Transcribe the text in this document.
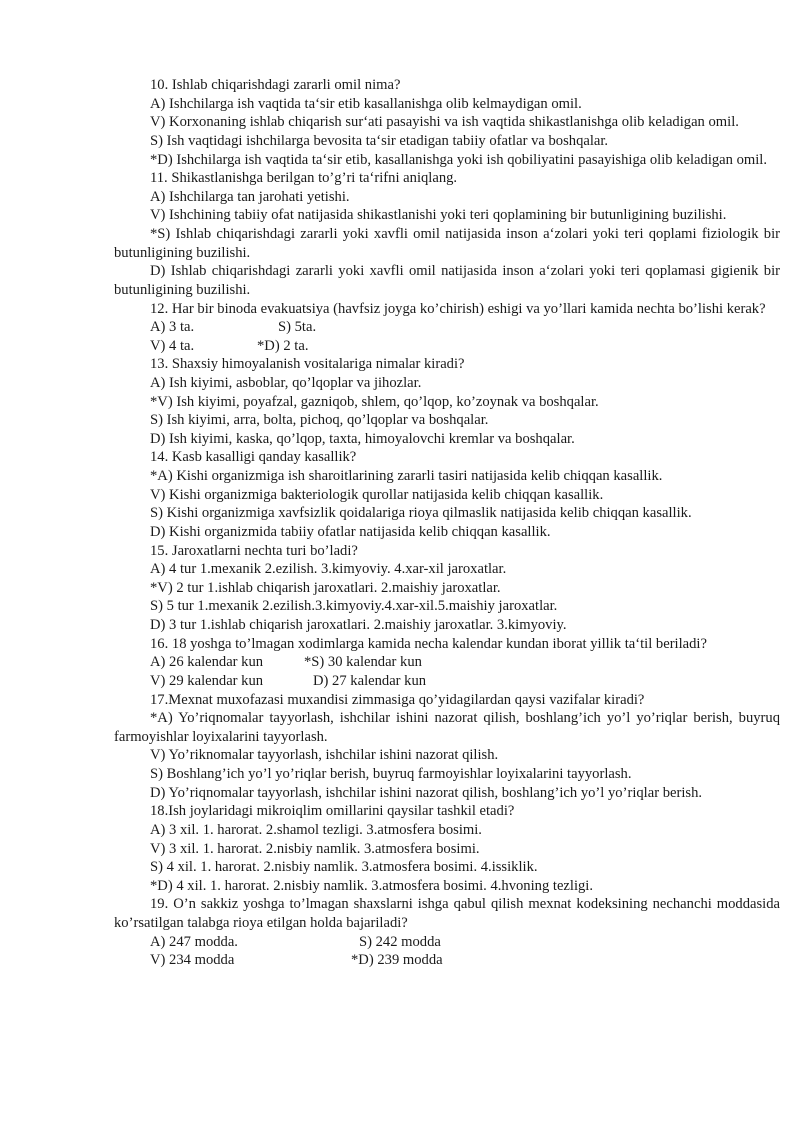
10. Ishlab chiqarishdagi zararli omil nima?

A) Ishchilarga ish vaqtida ta‘sir etib kasallanishga olib kelmaydigan omil.

V) Korxonaning ishlab chiqarish sur‘ati pasayishi va ish vaqtida shikastlanishga olib keladigan omil.

S) Ish vaqtidagi ishchilarga bevosita ta‘sir etadigan tabiiy ofatlar va boshqalar.

*D) Ishchilarga ish vaqtida ta‘sir etib, kasallanishga yoki ish qobiliyatini pasayishiga olib keladigan omil.

11. Shikastlanishga berilgan to’g’ri ta‘rifni aniqlang.

A) Ishchilarga tan jarohati yetishi.

V) Ishchining tabiiy ofat natijasida shikastlanishi yoki teri qoplamining bir butunligining buzilishi.

*S) Ishlab chiqarishdagi zararli yoki xavfli omil natijasida inson a‘zolari yoki teri qoplami fiziologik bir butunligining buzilishi.

D) Ishlab chiqarishdagi zararli yoki xavfli omil natijasida inson a‘zolari yoki teri qoplamasi gigienik bir butunligining buzilishi.

12. Har bir binoda evakuatsiya (havfsiz joyga ko’chirish) eshigi va yo’llari kamida nechta bo’lishi kerak?

A) 3 ta.	S) 5ta.
V) 4 ta.	*D) 2 ta.

13. Shaxsiy himoyalanish vositalariga nimalar kiradi?

A) Ish kiyimi, asboblar, qo’lqoplar va jihozlar.

*V) Ish kiyimi, poyafzal, gazniqob, shlem, qo’lqop, ko’zoynak va boshqalar.

S) Ish kiyimi, arra, bolta, pichoq, qo’lqoplar va boshqalar.

D) Ish kiyimi, kaska, qo’lqop, taxta, himoyalovchi kremlar va boshqalar.

14. Kasb kasalligi qanday kasallik?

*A) Kishi organizmiga ish sharoitlarining zararli tasiri natijasida kelib chiqqan kasallik.

V) Kishi organizmiga bakteriologik qurollar natijasida kelib chiqqan kasallik.

S) Kishi organizmiga xavfsizlik qoidalariga rioya qilmaslik natijasida kelib chiqqan kasallik.

D) Kishi organizmida tabiiy ofatlar natijasida kelib chiqqan kasallik.

15. Jaroxatlarni nechta turi bo’ladi?

A) 4 tur 1.mexanik 2.ezilish. 3.kimyoviy. 4.xar-xil jaroxatlar.

*V) 2 tur 1.ishlab chiqarish jaroxatlari. 2.maishiy jaroxatlar.

S) 5 tur 1.mexanik 2.ezilish.3.kimyoviy.4.xar-xil.5.maishiy jaroxatlar.

D) 3 tur 1.ishlab chiqarish jaroxatlari. 2.maishiy jaroxatlar. 3.kimyoviy.

16. 18 yoshga to’lmagan xodimlarga kamida necha kalendar kundan iborat yillik ta‘til beriladi?

A) 26 kalendar kun	*S) 30 kalendar kun
V) 29 kalendar kun	D) 27 kalendar kun

17.Mexnat muxofazasi muxandisi zimmasiga qo’yidagilardan qaysi vazifalar kiradi?

*A) Yo’riqnomalar tayyorlash, ishchilar ishini nazorat qilish, boshlang’ich yo’l yo’riqlar berish, buyruq farmoyishlar loyixalarini tayyorlash.

V) Yo’riknomalar tayyorlash, ishchilar ishini nazorat qilish.

S) Boshlang’ich yo’l yo’riqlar berish, buyruq farmoyishlar loyixalarini tayyorlash.

D) Yo’riqnomalar tayyorlash, ishchilar ishini nazorat qilish, boshlang’ich yo’l yo’riqlar berish.

18.Ish joylaridagi mikroiqlim omillarini qaysilar tashkil etadi?

A) 3 xil. 1. harorat. 2.shamol tezligi. 3.atmosfera bosimi.

V) 3 xil. 1. harorat. 2.nisbiy namlik. 3.atmosfera bosimi.

S) 4 xil. 1. harorat. 2.nisbiy namlik. 3.atmosfera bosimi. 4.issiklik.

*D) 4 xil. 1. harorat. 2.nisbiy namlik. 3.atmosfera bosimi. 4.hvoning tezligi.

19. O’n sakkiz yoshga to’lmagan shaxslarni ishga qabul qilish mexnat kodeksining nechanchi moddasida ko’rsatilgan talabga rioya etilgan holda bajariladi?

A) 247 modda.	S) 242 modda
V) 234 modda	*D) 239 modda
